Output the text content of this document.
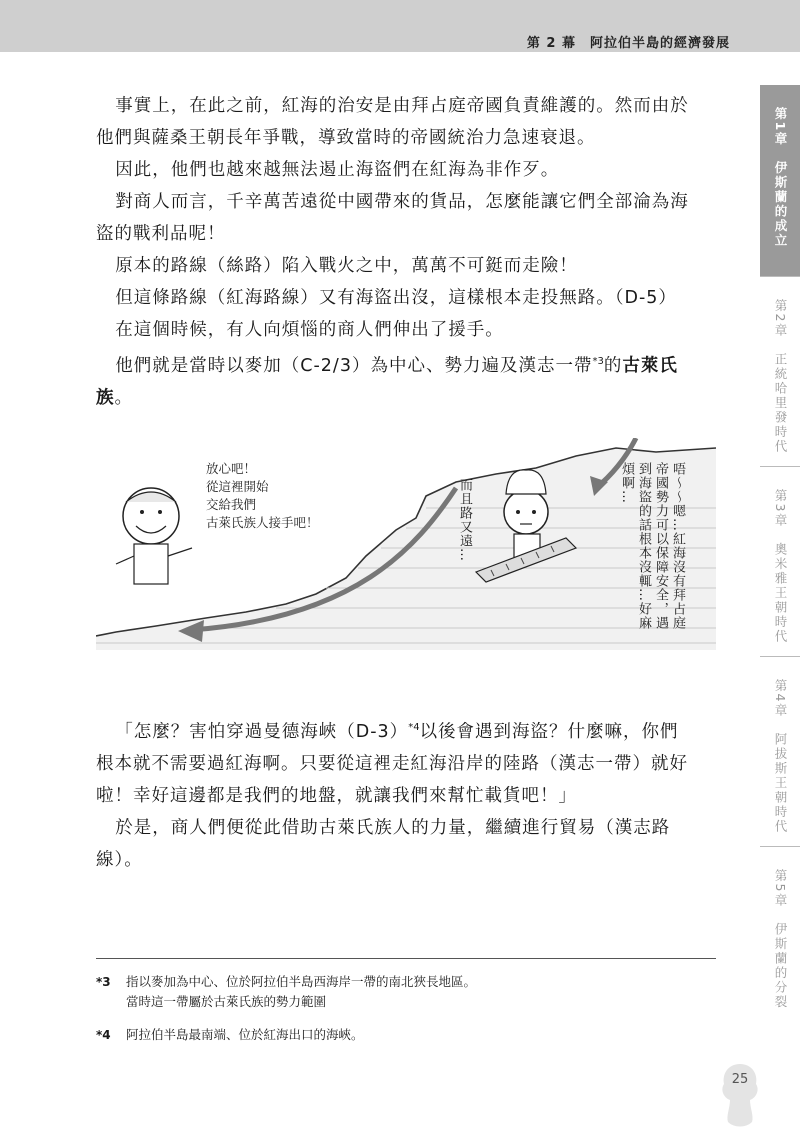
第 2 幕　阿拉伯半島的經濟發展

事實上，在此之前，紅海的治安是由拜占庭帝國負責維護的。然而由於

他們與薩桑王朝長年爭戰，導致當時的帝國統治力急速衰退。

因此，他們也越來越無法遏止海盜們在紅海為非作歹。

對商人而言，千辛萬苦遠從中國帶來的貨品，怎麼能讓它們全部淪為海

盜的戰利品呢！

原本的路線（絲路）陷入戰火之中，萬萬不可鋌而走險！

但這條路線（紅海路線）又有海盜出沒，這樣根本走投無路。（D-5）

在這個時候，有人向煩惱的商人們伸出了援手。

他們就是當時以麥加（C-2/3）為中心、勢力遍及漢志一帶$^{*3}$的古萊氏

族。

放心吧！
從這裡開始
交給我們
古萊氏族人接手吧！	而且路又遠…	唔～～嗯…紅海沒有拜占庭帝國勢力可以保障安全，遇到海盜的話根本沒輒…好麻煩啊…

「怎麼？害怕穿過曼德海峽$(D-3)^{*4}$以後會遇到海盜？什麼嘛，你們

根本就不需要過紅海啊。只要從這裡走紅海沿岸的陸路（漢志一帶）就好

啦！幸好這邊都是我們的地盤，就讓我們來幫忙載貨吧！」

於是，商人們便從此借助古萊氏族人的力量，繼續進行貿易（漢志路

線）。

*3 指以麥加為中心、位於阿拉伯半島西海岸一帶的南北狹長地區。
當時這一帶屬於古萊氏族的勢力範圍
*4 阿拉伯半島最南端、位於紅海出口的海峽。
第1章　伊斯蘭的成立
第2章　正統哈里發時代
第3章　奧米雅王朝時代
第4章　阿拔斯王朝時代
第5章　伊斯蘭的分裂
25
